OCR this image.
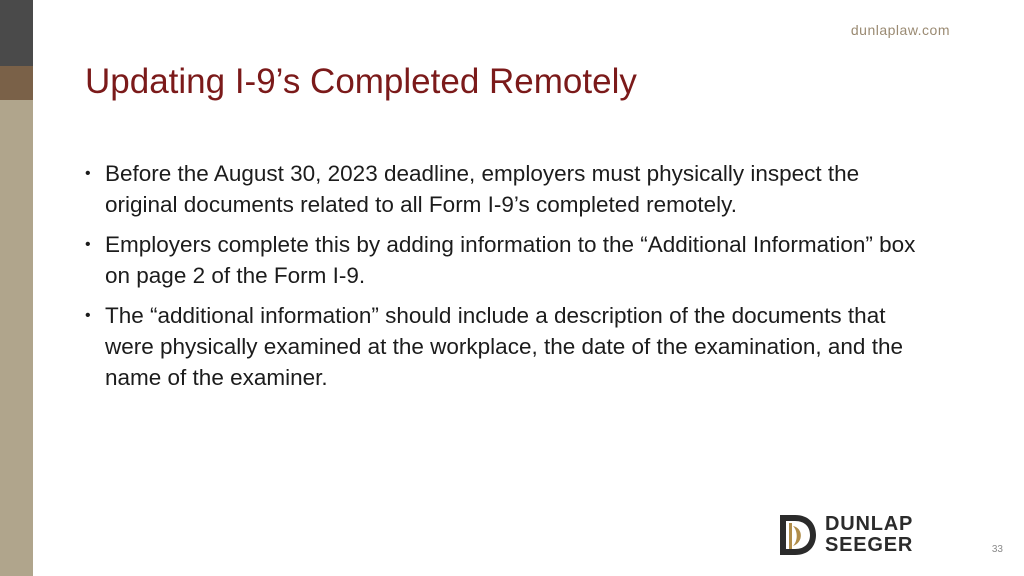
dunlaplaw.com
Updating I-9’s Completed Remotely
• Before the August 30, 2023 deadline, employers must physically inspect the original documents related to all Form I-9’s completed remotely.
• Employers complete this by adding information to the “Additional Information” box on page 2 of the Form I-9.
• The “additional information” should include a description of the documents that were physically examined at the workplace, the date of the examination, and the name of the examiner.
DUNLAP
SEEGER	33
